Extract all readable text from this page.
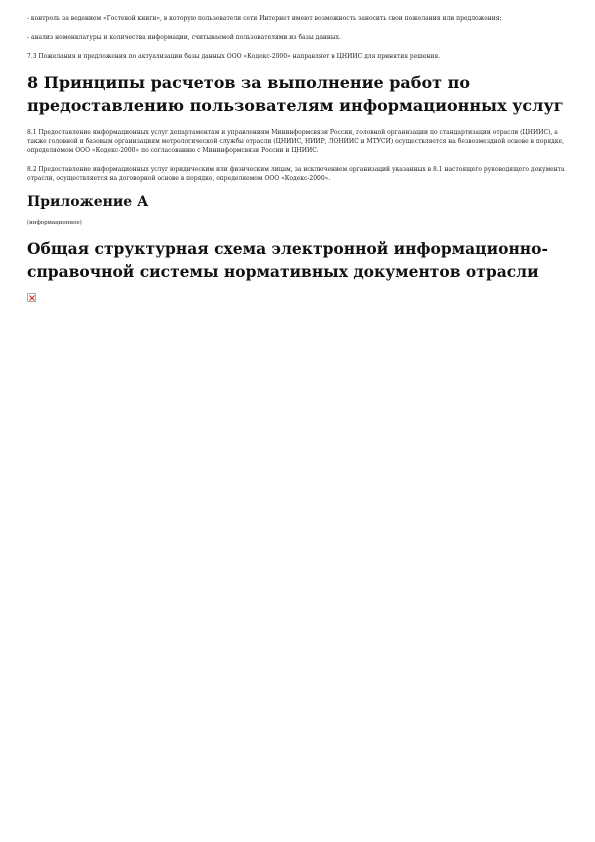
- контроль за ведением «Гостевой книги», в которую пользователи сети Интернет имеют возможность заносить свои пожелания или предложения;

- анализ номенклатуры и количества информации, считываемой пользователями из базы данных.

7.3 Пожелания и предложения по актуализации базы данных ООО «Кодекс-2000» направляет в ЦНИИС для принятия решения.

8 Принципы расчетов за выполнение работ по предоставлению пользователям информационных услуг

8.1 Предоставление информационных услуг департаментам и управлениям Мининформсвязи России, головной организации по стандартизации отрасли (ЦНИИС), а также головной и базовым организациям метрологической службы отрасли (ЦНИИС, НИИР, ЛОНИИС и МТУСИ) осуществляется на безвозмездной основе в порядке, определяемом ООО «Кодекс-2000» по согласованию с Мининформсвязи России и ЦНИИС.

8.2 Предоставление информационных услуг юридическим или физическим лицам, за исключением организаций указанных в 8.1 настоящего руководящего документа отрасли, осуществляется на договорной основе в порядке, определяемом ООО «Кодекс-2000».

Приложение А

(информационное)

Общая структурная схема электронной информационно-справочной системы нормативных документов отрасли
